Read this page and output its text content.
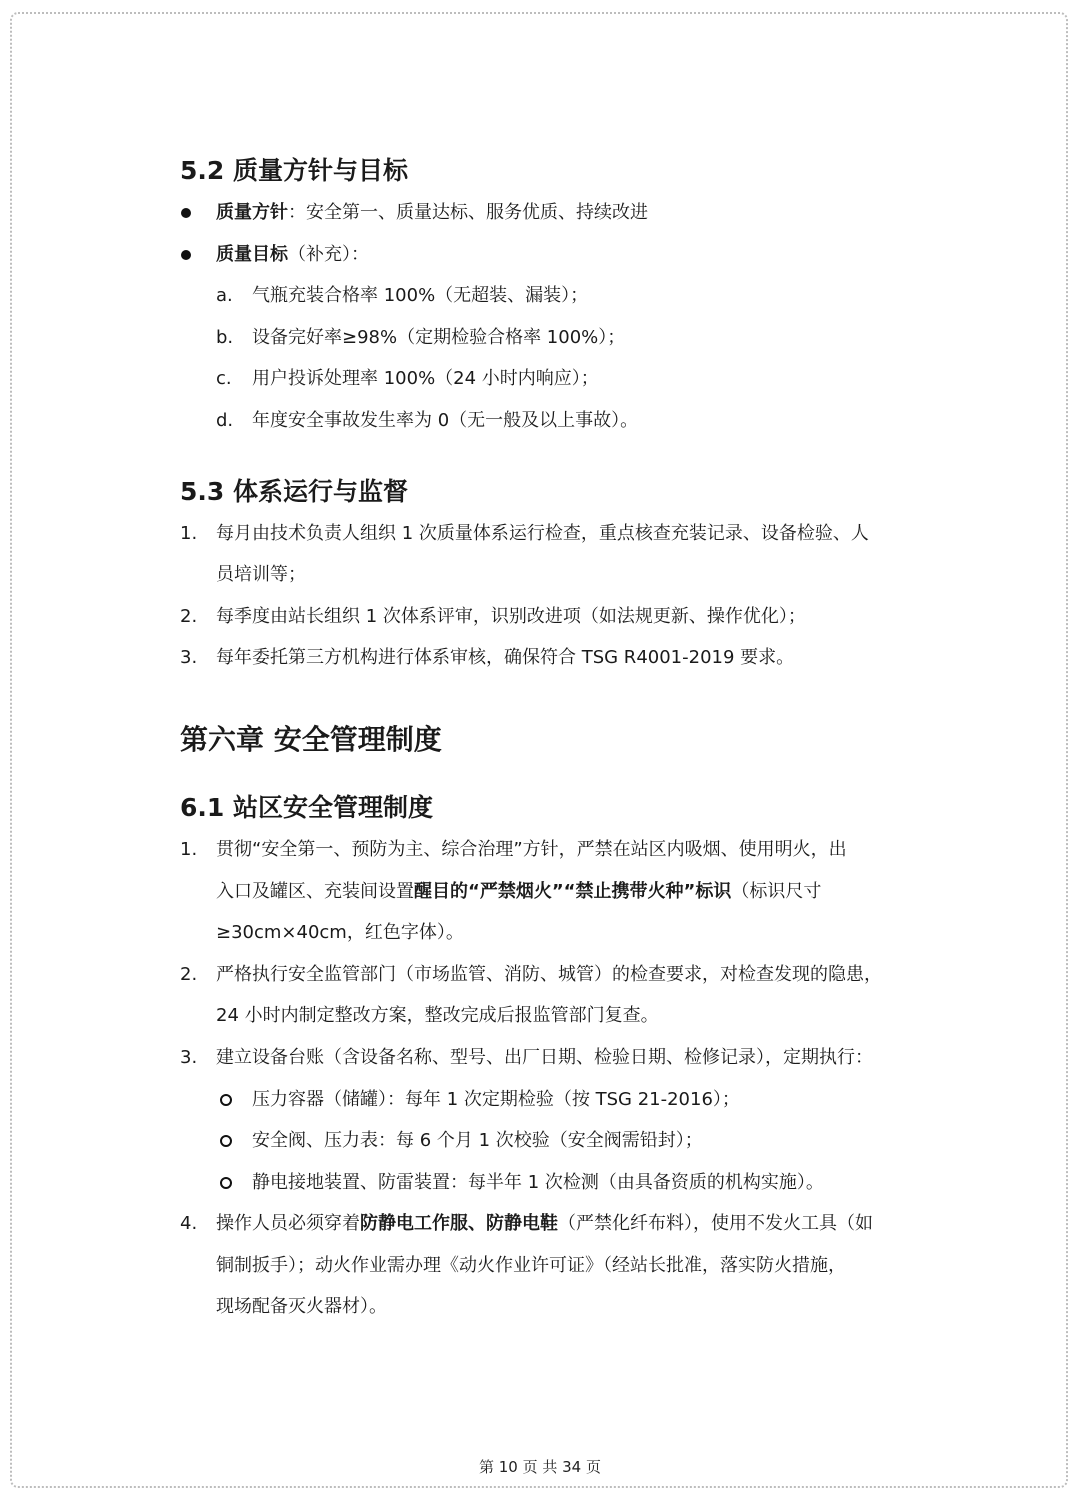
5.2 质量方针与目标
质量方针：安全第一、质量达标、服务优质、持续改进
质量目标（补充）：
a. 气瓶充装合格率 100%（无超装、漏装）；
b. 设备完好率≥98%（定期检验合格率 100%）；
c. 用户投诉处理率 100%（24 小时内响应）；
d. 年度安全事故发生率为 0（无一般及以上事故）。
5.3 体系运行与监督
1. 每月由技术负责人组织 1 次质量体系运行检查，重点核查充装记录、设备检验、人
员培训等；
2. 每季度由站长组织 1 次体系评审，识别改进项（如法规更新、操作优化）；
3. 每年委托第三方机构进行体系审核，确保符合 TSG R4001-2019 要求。
第六章 安全管理制度
6.1 站区安全管理制度
1. 贯彻“安全第一、预防为主、综合治理”方针，严禁在站区内吸烟、使用明火，出
入口及罐区、充装间设置醒目的“严禁烟火”“禁止携带火种”标识（标识尺寸
≥30cm×40cm，红色字体）。
2. 严格执行安全监管部门（市场监管、消防、城管）的检查要求，对检查发现的隐患，
24 小时内制定整改方案，整改完成后报监管部门复查。
3. 建立设备台账（含设备名称、型号、出厂日期、检验日期、检修记录），定期执行：
压力容器（储罐）：每年 1 次定期检验（按 TSG 21-2016）；
安全阀、压力表：每 6 个月 1 次校验（安全阀需铅封）；
静电接地装置、防雷装置：每半年 1 次检测（由具备资质的机构实施）。
4. 操作人员必须穿着防静电工作服、防静电鞋（严禁化纤布料），使用不发火工具（如
铜制扳手）；动火作业需办理《动火作业许可证》（经站长批准，落实防火措施，
现场配备灭火器材）。
第 10 页 共 34 页
